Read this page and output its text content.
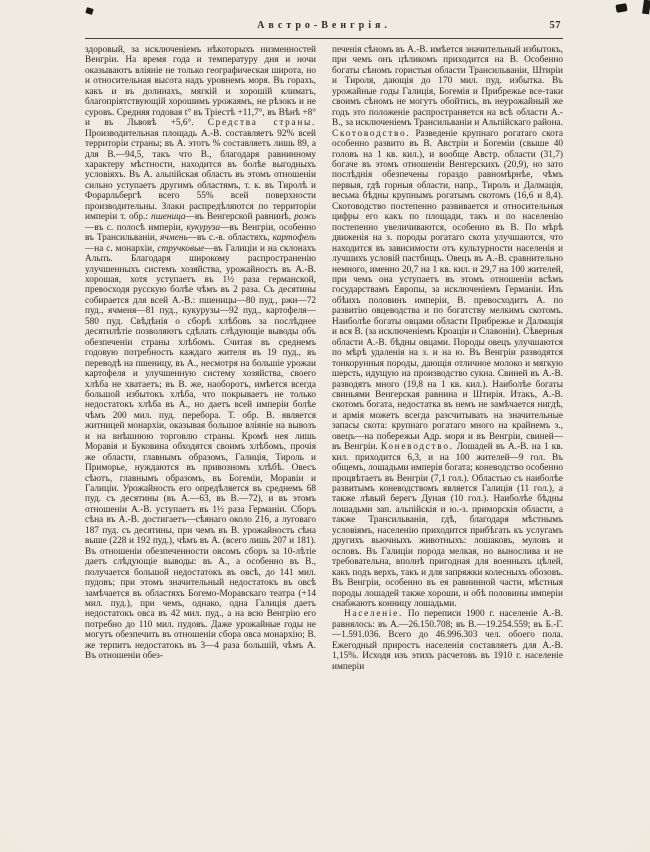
Австро-Венгрія.	57

здоровый, за исключеніемъ нѣкоторыхъ низменностей Венгріи. На время года и температуру дня и ночи оказываютъ вліяніе не только географическая широта, но и относительная высота надъ уровнемъ моря. Въ горахъ, какъ и въ долинахъ, мягкій и хорошій климатъ, благопріятствующій хорошимъ урожаямъ, не рѣзокъ и не суровъ. Средняя годовая t° въ Тріестѣ +11,7°, въ Вѣнѣ +8° и въ Львовѣ +5,6°. Средства страны. Производительная площадь А.-В. составляетъ 92% всей территоріи страны; въ А. этотъ % составляетъ лишь 89, а для В.—94,5, такъ что В., благодаря равнинному характеру мѣстности, находится въ болѣе выгодныхъ условіяхъ. Въ А. альпійская область въ этомъ отношеніи сильно уступаетъ другимъ областямъ, т. к. въ Тиролѣ и Форарльбергѣ всего 55% всей поверхности производительны. Злаки распредѣляются по территоріи имперіи т. обр.: пшеница—въ Венгерской равнинѣ, рожь—въ с. полосѣ имперіи, кукуруза—въ Венгріи, особенно въ Трансильваніи, ячмень—въ с.-в. областяхъ, картофель—на с. монархіи, стручковые—въ Галиціи и на склонахъ Альпъ. Благодаря широкому распространенію улучшенныхъ системъ хозяйства, урожайность въ А.-В. хорошая, хотя уступаетъ въ 1½ раза германской, превосходя русскую болѣе чѣмъ въ 2 раза. Съ десятины собирается для всей А.-В.: пшеницы—80 пуд., ржи—72 пуд., ячменя—81 пуд., кукурузы—92 пуд., картофеля—580 пуд. Свѣдѣнія о сборѣ хлѣбовъ за послѣднее десятилѣтіе позволяютъ сдѣлать слѣдующіе выводы объ обезпеченіи страны хлѣбомъ. Считая въ среднемъ годовую потребность каждаго жителя въ 19 пуд., въ переводѣ на пшеницу, въ А., несмотря на большіе урожаи картофеля и улучшенную систему хозяйства, своего хлѣба не хватаетъ; въ В. же, наоборотъ, имѣется всегда большой избытокъ хлѣба, что покрываетъ не только недостатокъ хлѣба въ А., но даетъ всей имперіи болѣе чѣмъ 200 мил. пуд. перебора. Т. обр. В. является житницей монархіи, оказывая большое вліяніе на вывозъ и на внѣшнюю торговлю страны. Кромѣ нея лишь Моравія и Буковина обходятся своимъ хлѣбомъ, прочія же области, главнымъ образомъ, Галиція, Тироль и Приморье, нуждаются въ привозномъ хлѣбѣ. Овесъ сѣютъ, главнымъ образомъ, въ Богеміи, Моравіи и Галиціи. Урожайность его опредѣляется въ среднемъ 68 пуд. съ десятины (въ А.—63, въ В.—72), и въ этомъ отношеніи А.-В. уступаетъ въ 1½ раза Германіи. Сборъ сѣна въ А.-В. достигаетъ—сѣянаго около 216, а луговаго 187 пуд. съ десятины, при чемъ въ В. урожайность сѣна выше (228 и 192 пуд.), чѣмъ въ А. (всего лишь 207 и 181). Въ отношеніи обезпеченности овсомъ сборъ за 10-лѣтіе даетъ слѣдующіе выводы: въ А., а особенно въ В., получается большой недостатокъ въ овсѣ, до 141 мил. пудовъ; при этомъ значительный недостатокъ въ овсѣ замѣчается въ областяхъ Богемо-Моравскаго театра (+14 мил. пуд.), при чемъ, однако, одна Галиція даетъ недостатокъ овса въ 42 мил. пуд., а на всю Венгрію его потребно до 110 мил. пудовъ. Даже урожайные годы не могутъ обезпечить въ отношеніи сбора овса монархію; В. же терпитъ недостатокъ въ 3—4 раза большій, чѣмъ А. Въ отношеніи обез-

печенія сѣномъ въ А.-В. имѣется значительный избытокъ, при чемъ онъ цѣликомъ приходится на В. Особенно богаты сѣномъ гористыя области Трансильваніи, Штиріи и Тироля, дающія до 170 мил. пуд. избытка. Въ урожайные годы Галиція, Богемія и Прибрежье все-таки своимъ сѣномъ не могутъ обойтись, въ неурожайный же годъ это положеніе распространяется на всѣ области А.-В., за исключеніемъ Трансильваніи и Альпійскаго района. Скотоводство. Разведеніе крупнаго рогатаго скота особенно развито въ В. Австріи и Богеміи (свыше 40 головъ на 1 кв. кил.), и вообще Австр. области (31,7) богаче въ этомъ отношеніи Венгерскихъ (20,9), но зато послѣднія обезпечены гораздо равномѣрнѣе, чѣмъ первыя, гдѣ горныя области, напр., Тироль и Далмація, весьма бѣдны крупнымъ рогатымъ скотомъ (16,6 и 8,4). Скотоводство постепенно развивается и относительныя цифры его какъ по площади, такъ и по населенію постепенно увеличиваются, особенно въ В. По мѣрѣ движенія на з. породы рогатаго скота улучшаются, что находится въ зависимости отъ культурности населенія и лучшихъ условій пастбищъ. Овецъ въ А.-В. сравнительно немного, именно 20,7 на 1 кв. кил. и 29,7 на 100 жителей, при чемъ она уступаетъ въ этомъ отношеніи всѣмъ государствамъ Европы, за исключеніемъ Германіи. Изъ обѣихъ половинъ имперіи, В. превосходитъ А. по развитію овцеводства и по богатству мелкимъ скотомъ. Наиболѣе богаты овцами области Прибрежье и Далмація и вся В. (за исключеніемъ Кроаціи и Славоніи). Сѣверныя области А.-В. бѣдны овцами. Породы овецъ улучшаются по мѣрѣ удаленія на з. и на ю. Въ Венгріи разводятся тонкорунныя породы, дающія отличное молоко и мягкую шерсть, идущую на производство сукна. Свиней въ А.-В. разводятъ много (19,8 на 1 кв. кил.). Наиболѣе богаты свиньями Венгерская равнина и Штирія. Итакъ, А.-В. скотомъ богата, недостатка въ немъ не замѣчается нигдѣ, и армія можетъ всегда разсчитывать на значительные запасы скота: крупнаго рогатаго много на крайнемъ з., овецъ—на побережьи Адр. моря и въ Венгріи, свиней—въ Венгріи. Коневодство. Лошадей въ А.-В. на 1 кв. кил. приходится 6,3, и на 100 жителей—9 гол. Въ общемъ, лошадьми имперія богата; коневодство особенно процвѣтаетъ въ Венгріи (7,1 гол.). Областью съ наиболѣе развитымъ коневодствомъ является Галиція (11 гол.), а также лѣвый берегъ Дуная (10 гол.). Наиболѣе бѣдны лошадьми зап. альпійскія и ю.-з. приморскія области, а также Трансильванія, гдѣ, благодаря мѣстнымъ условіямъ, населенію приходится прибѣгать къ услугамъ другихъ вьючныхъ животныхъ: лошаковъ, муловъ и ословъ. Въ Галиціи порода мелкая, но вынослива и не требовательна, вполнѣ пригодная для военныхъ цѣлей, какъ подъ верхъ, такъ и для запряжки колесныхъ обозовъ. Въ Венгріи, особенно въ ея равнинной части, мѣстныя породы лошадей также хороши, и обѣ половины имперіи снабжаютъ конницу лошадьми.

Населеніе. По переписи 1900 г. населеніе А.-В. равнялось: въ А.—26.150.708; въ В.—19.254.559; въ Б.-Г.—1.591.036. Всего до 46.996.303 чел. обоего пола. Ежегодный приростъ населенія составляетъ для А.-В. 1,15%. Исходя изъ этихъ расчетовъ въ 1910 г. населеніе имперіи
